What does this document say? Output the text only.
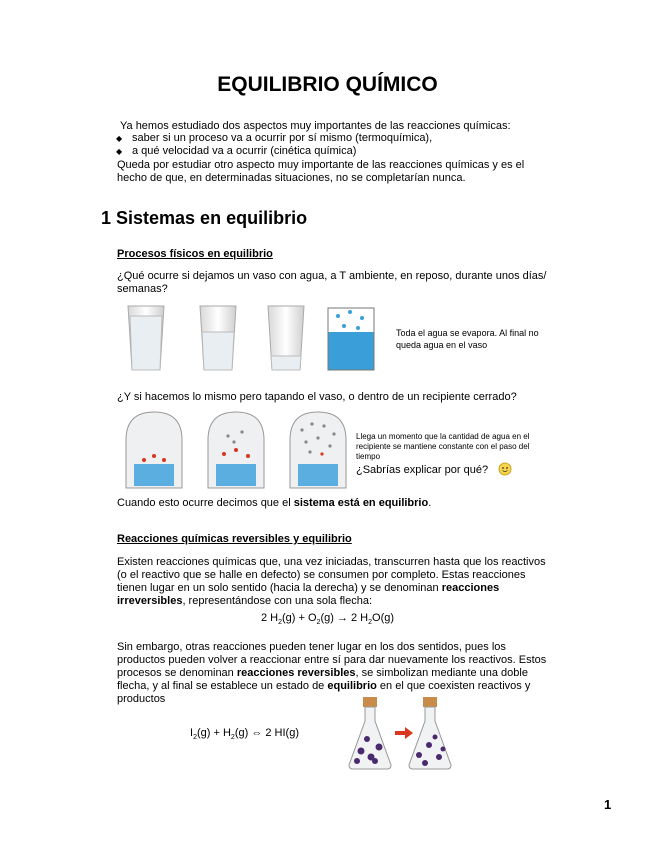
EQUILIBRIO QUÍMICO
Ya hemos estudiado dos aspectos muy importantes de las reacciones químicas:
◆ saber si un proceso va a ocurrir por sí mismo (termoquímica),
◆ a qué velocidad va a ocurrir (cinética química)
Queda por estudiar otro aspecto muy importante de las reacciones químicas y es el hecho de que, en determinadas situaciones, no se completarían nunca.
1 Sistemas en equilibrio
Procesos físicos en equilibrio
¿Qué ocurre si dejamos un vaso con agua, a T ambiente, en reposo, durante unos días/ semanas?
Toda el agua se evapora. Al final no queda agua en el vaso
¿Y si hacemos lo mismo pero tapando el vaso, o dentro de un recipiente cerrado?
Llega un momento que la cantidad de agua en el recipiente se mantiene constante con el paso del tiempo
¿Sabrías explicar por qué?
Cuando esto ocurre decimos que el sistema está en equilibrio.
Reacciones químicas reversibles y equilibrio
Existen reacciones químicas que, una vez iniciadas, transcurren hasta que los reactivos (o el reactivo que se halle en defecto) se consumen por completo. Estas reacciones tienen lugar en un solo sentido (hacia la derecha) y se denominan reacciones irreversibles, representándose con una sola flecha:
2 $H_2(g) + O_2(g) \to 2$ $H_2O(g)$
Sin embargo, otras reacciones pueden tener lugar en los dos sentidos, pues los productos pueden volver a reaccionar entre sí para dar nuevamente los reactivos. Estos procesos se denominan reacciones reversibles, se simbolizan mediante una doble flecha, y al final se establece un estado de equilibrio en el que coexisten reactivos y productos
$I_2(g) + H_2(g)$ ⇔ 2 HI(g)
1
